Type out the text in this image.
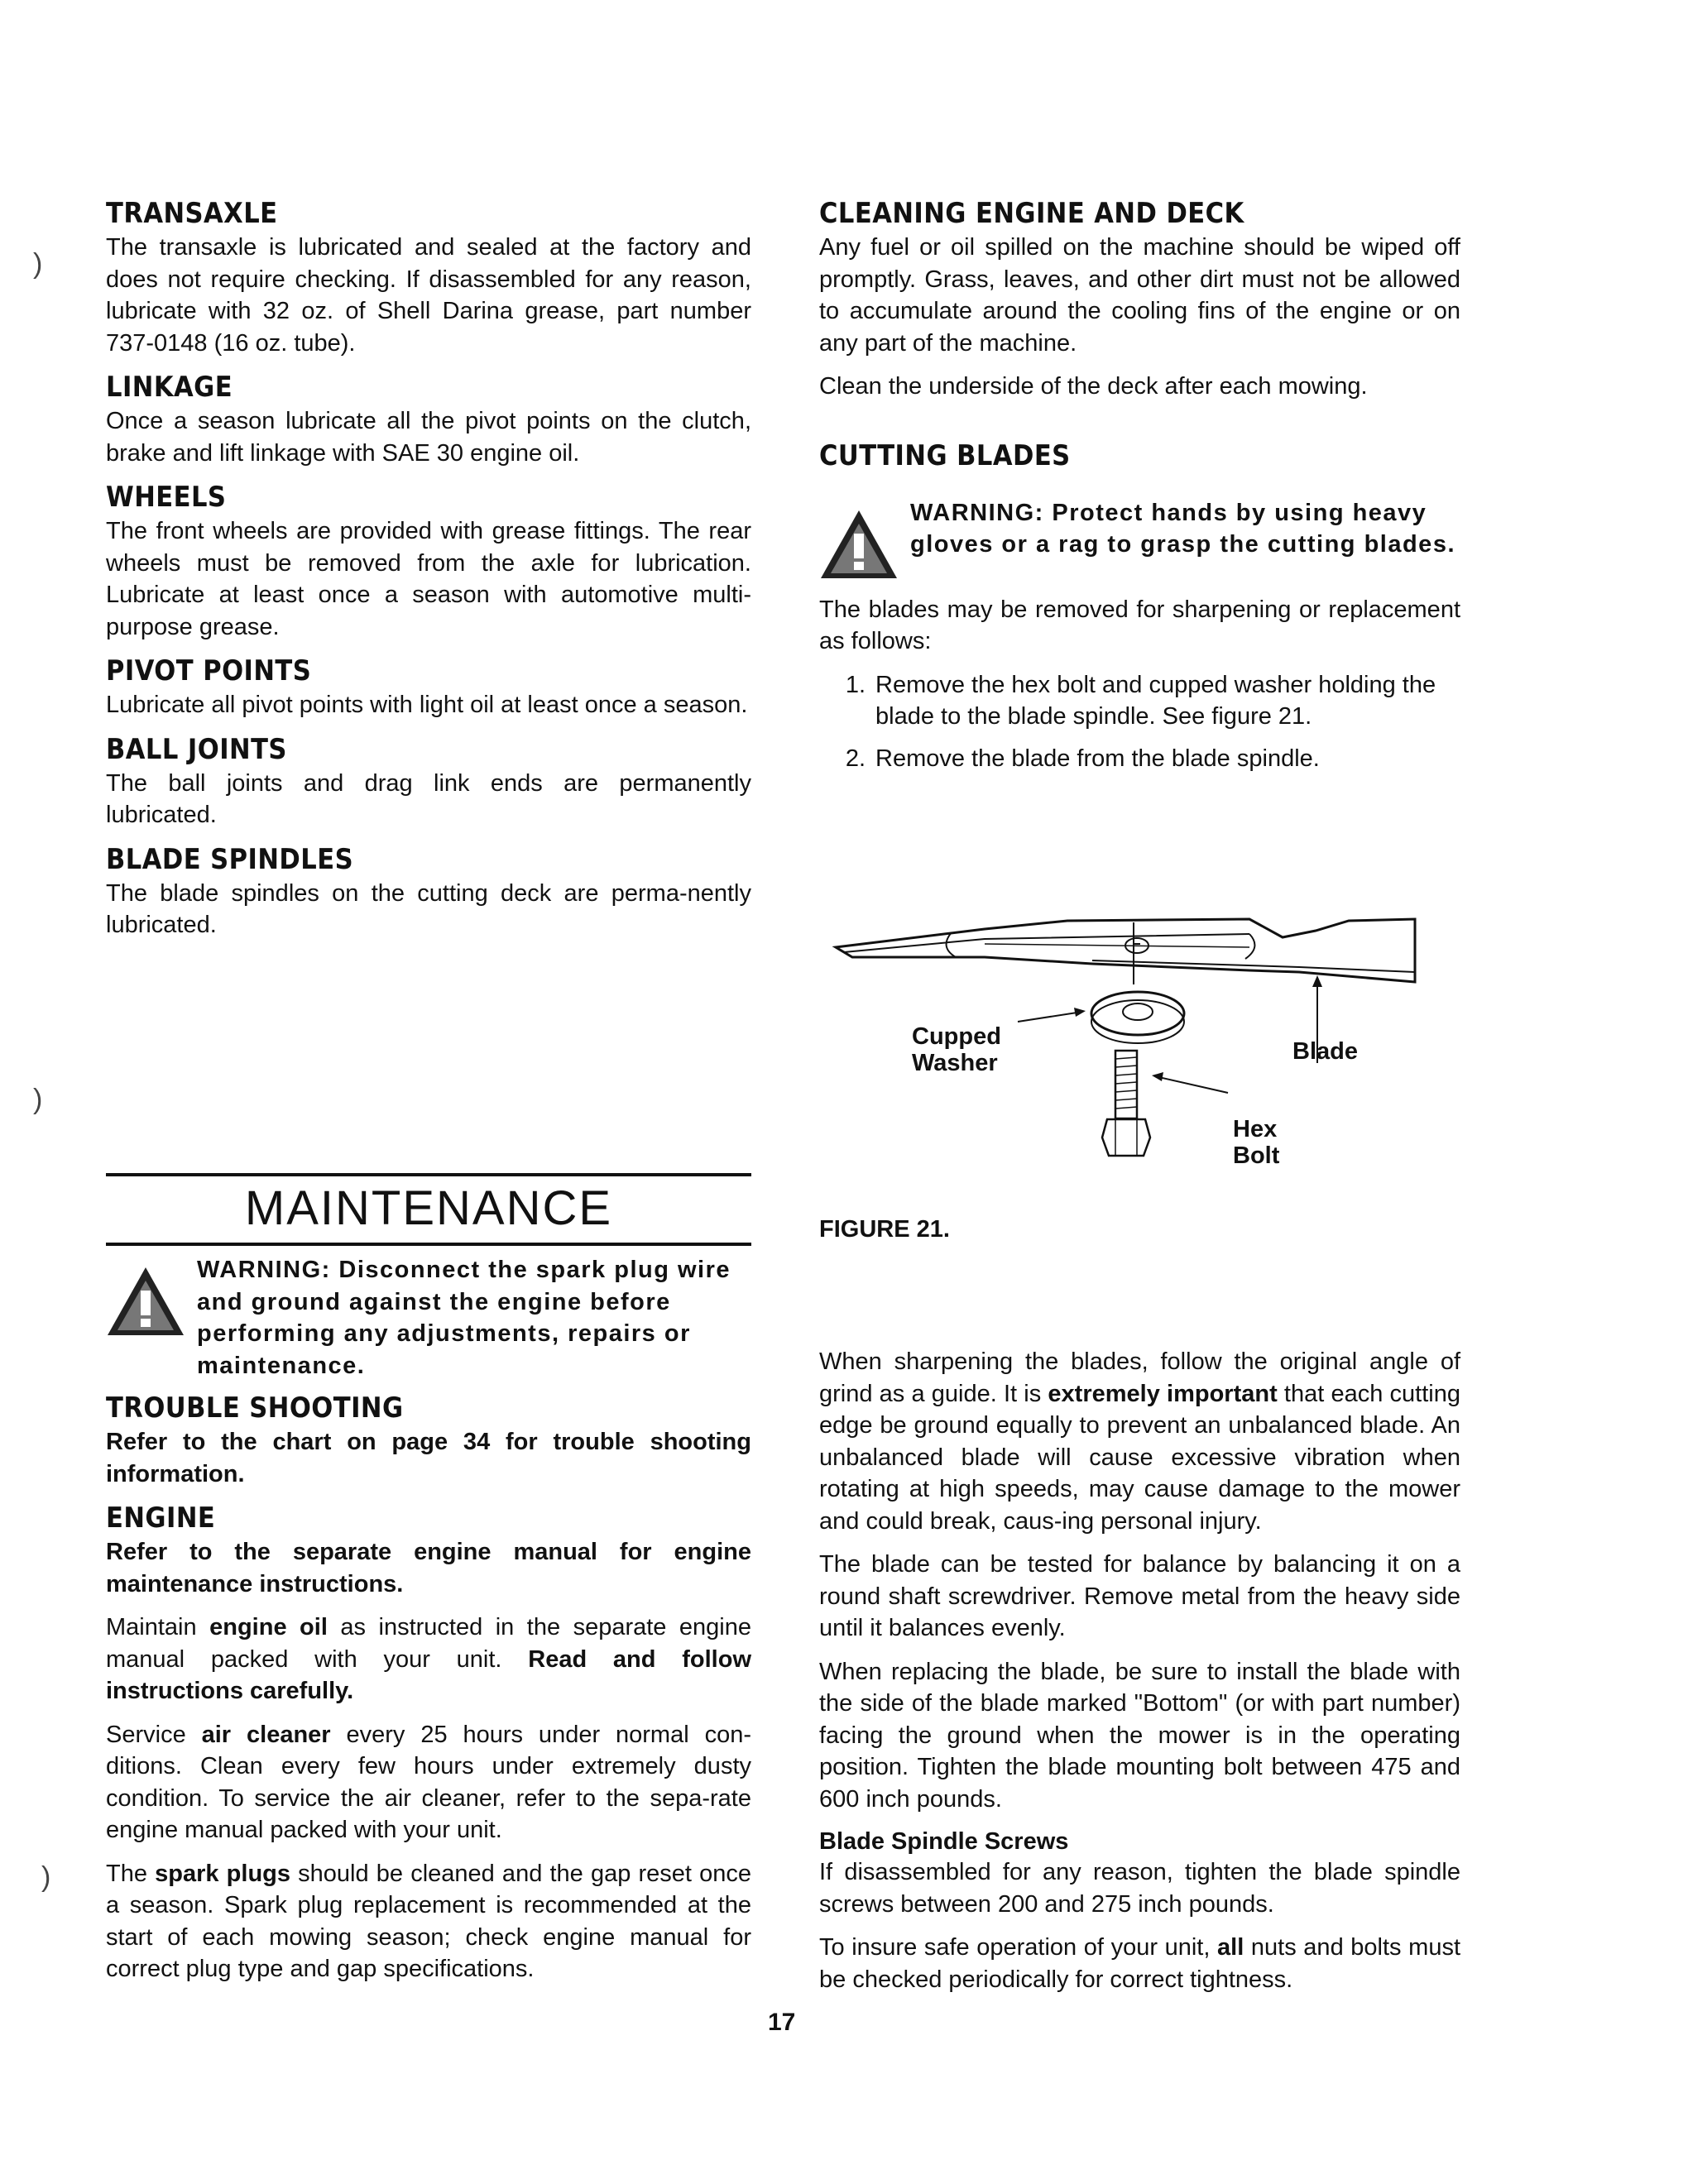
)
)
)
TRANSAXLE

The transaxle is lubricated and sealed at the factory and does not require checking. If disassembled for any reason, lubricate with 32 oz. of Shell Darina grease, part number 737-0148 (16 oz. tube).

LINKAGE

Once a season lubricate all the pivot points on the clutch, brake and lift linkage with SAE 30 engine oil.

WHEELS

The front wheels are provided with grease fittings. The rear wheels must be removed from the axle for lubrication. Lubricate at least once a season with automotive multi-purpose grease.

PIVOT POINTS

Lubricate all pivot points with light oil at least once a season.

BALL JOINTS

The ball joints and drag link ends are permanently lubricated.

BLADE SPINDLES

The blade spindles on the cutting deck are perma-nently lubricated.

MAINTENANCE
WARNING: Disconnect the spark plug wire and ground against the engine before performing any adjustments, repairs or maintenance.
TROUBLE SHOOTING

Refer to the chart on page 34 for trouble shooting information.

ENGINE

Refer to the separate engine manual for engine maintenance instructions.

Maintain engine oil as instructed in the separate engine manual packed with your unit. Read and follow instructions carefully.

Service air cleaner every 25 hours under normal con-ditions. Clean every few hours under extremely dusty condition. To service the air cleaner, refer to the sepa-rate engine manual packed with your unit.

The spark plugs should be cleaned and the gap reset once a season. Spark plug replacement is recommended at the start of each mowing season; check engine manual for correct plug type and gap specifications.

CLEANING ENGINE AND DECK

Any fuel or oil spilled on the machine should be wiped off promptly. Grass, leaves, and other dirt must not be allowed to accumulate around the cooling fins of the engine or on any part of the machine.

Clean the underside of the deck after each mowing.

CUTTING BLADES
WARNING: Protect hands by using heavy gloves or a rag to grasp the cutting blades.

The blades may be removed for sharpening or replacement as follows:

1. Remove the hex bolt and cupped washer holding the blade to the blade spindle. See figure 21.
2. Remove the blade from the blade spindle.
Cupped
Washer	Blade
Hex
Bolt
FIGURE 21.

When sharpening the blades, follow the original angle of grind as a guide. It is extremely important that each cutting edge be ground equally to prevent an unbalanced blade. An unbalanced blade will cause excessive vibration when rotating at high speeds, may cause damage to the mower and could break, caus-ing personal injury.

The blade can be tested for balance by balancing it on a round shaft screwdriver. Remove metal from the heavy side until it balances evenly.

When replacing the blade, be sure to install the blade with the side of the blade marked "Bottom" (or with part number) facing the ground when the mower is in the operating position. Tighten the blade mounting bolt between 475 and 600 inch pounds.

Blade Spindle Screws

If disassembled for any reason, tighten the blade spindle screws between 200 and 275 inch pounds.

To insure safe operation of your unit, all nuts and bolts must be checked periodically for correct tightness.

17
